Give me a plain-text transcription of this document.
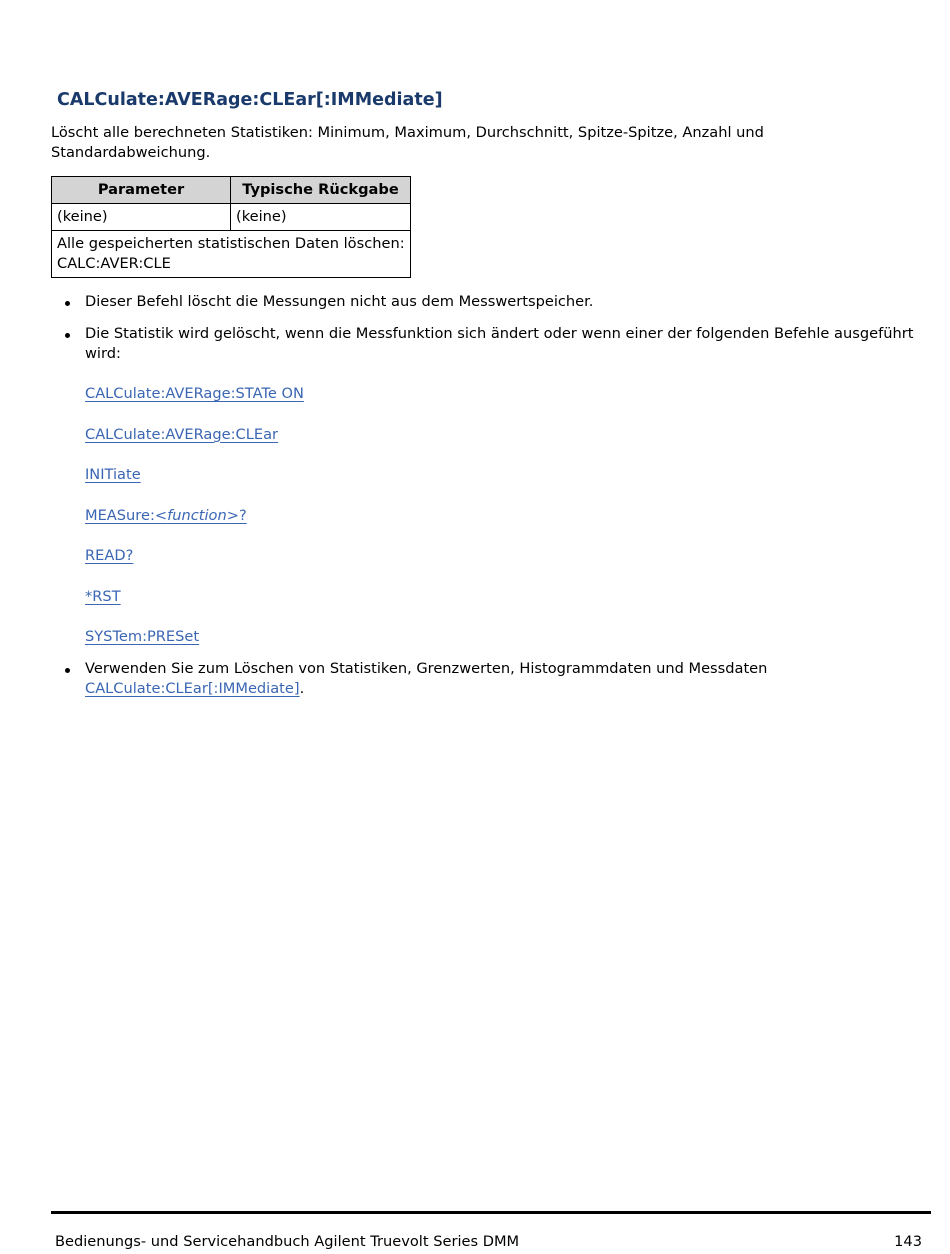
CALCulate:AVERage:CLEar[:IMMediate]

Löscht alle berechneten Statistiken: Minimum, Maximum, Durchschnitt, Spitze-Spitze, Anzahl und Standardabweichung.

Parameter	Typische Rückgabe
(keine)	(keine)

Alle gespeicherten statistischen Daten löschen:
CALC:AVER:CLE	
Dieser Befehl löscht die Messungen nicht aus dem Messwertspeicher.
Die Statistik wird gelöscht, wenn die Messfunktion sich ändert oder wenn einer der folgenden Befehle ausgeführt wird:
CALCulate:AVERage:STATe ON
CALCulate:AVERage:CLEar
INITiate
MEASure:<function>?
READ?
*RST
SYSTem:PRESet
Verwenden Sie zum Löschen von Statistiken, Grenzwerten, Histogrammdaten und Messdaten CALCulate:CLEar[:IMMediate].
Bedienungs- und Servicehandbuch Agilent Truevolt Series DMM	143
